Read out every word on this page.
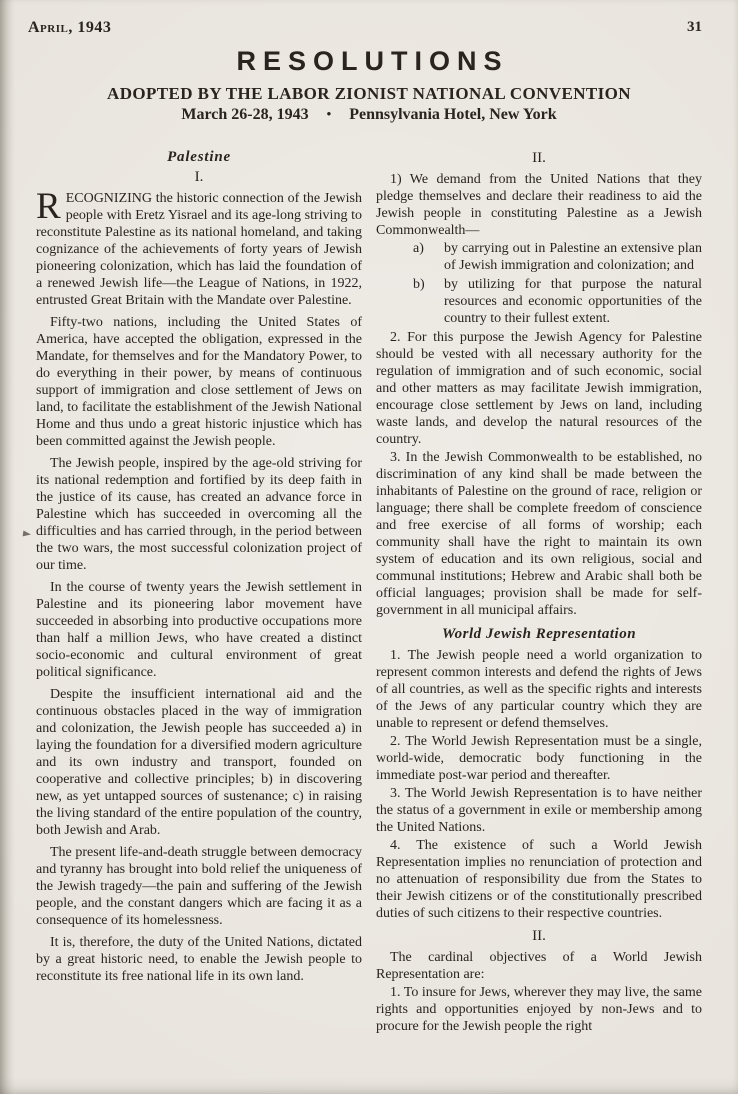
April, 1943	31
RESOLUTIONS
ADOPTED BY THE LABOR ZIONIST NATIONAL CONVENTION
March 26-28, 1943 • Pennsylvania Hotel, New York
Palestine
I.

RECOGNIZING the historic connection of the Jewish people with Eretz Yisrael and its age-long striving to reconstitute Palestine as its national homeland, and taking cognizance of the achievements of forty years of Jewish pioneering colonization, which has laid the foundation of a renewed Jewish life—the League of Nations, in 1922, entrusted Great Britain with the Mandate over Palestine.

Fifty-two nations, including the United States of America, have accepted the obligation, expressed in the Mandate, for themselves and for the Mandatory Power, to do everything in their power, by means of continuous support of immigration and close settlement of Jews on land, to facilitate the establishment of the Jewish National Home and thus undo a great historic injustice which has been committed against the Jewish people.

The Jewish people, inspired by the age-old striving for its national redemption and fortified by its deep faith in the justice of its cause, has created an advance force in Palestine which has succeeded in overcoming all the difficulties and has carried through, in the period between the two wars, the most successful colonization project of our time.

In the course of twenty years the Jewish settlement in Palestine and its pioneering labor movement have succeeded in absorbing into productive occupations more than half a million Jews, who have created a distinct socio-economic and cultural environment of great political significance.

Despite the insufficient international aid and the continuous obstacles placed in the way of immigration and colonization, the Jewish people has succeeded a) in laying the foundation for a diversified modern agriculture and its own industry and transport, founded on cooperative and collective principles; b) in discovering new, as yet untapped sources of sustenance; c) in raising the living standard of the entire population of the country, both Jewish and Arab.

The present life-and-death struggle between democracy and tyranny has brought into bold relief the uniqueness of the Jewish tragedy—the pain and suffering of the Jewish people, and the constant dangers which are facing it as a consequence of its homelessness.

It is, therefore, the duty of the United Nations, dictated by a great historic need, to enable the Jewish people to reconstitute its free national life in its own land.

II.

1) We demand from the United Nations that they pledge themselves and declare their readiness to aid the Jewish people in constituting Palestine as a Jewish Commonwealth—

a)	by carrying out in Palestine an extensive plan of Jewish immigration and colonization; and
b)	by utilizing for that purpose the natural resources and economic opportunities of the country to their fullest extent.

2. For this purpose the Jewish Agency for Palestine should be vested with all necessary authority for the regulation of immigration and of such economic, social and other matters as may facilitate Jewish immigration, encourage close settlement by Jews on land, including waste lands, and develop the natural resources of the country.

3. In the Jewish Commonwealth to be established, no discrimination of any kind shall be made between the inhabitants of Palestine on the ground of race, religion or language; there shall be complete freedom of conscience and free exercise of all forms of worship; each community shall have the right to maintain its own system of education and its own religious, social and communal institutions; Hebrew and Arabic shall both be official languages; provision shall be made for self-government in all municipal affairs.

World Jewish Representation

1. The Jewish people need a world organization to represent common interests and defend the rights of Jews of all countries, as well as the specific rights and interests of the Jews of any particular country which they are unable to represent or defend themselves.

2. The World Jewish Representation must be a single, world-wide, democratic body functioning in the immediate post-war period and thereafter.

3. The World Jewish Representation is to have neither the status of a government in exile or membership among the United Nations.

4. The existence of such a World Jewish Representation implies no renunciation of protection and no attenuation of responsibility due from the States to their Jewish citizens or of the constitutionally prescribed duties of such citizens to their respective countries.

II.

The cardinal objectives of a World Jewish Representation are:

1. To insure for Jews, wherever they may live, the same rights and opportunities enjoyed by non-Jews and to procure for the Jewish people the right
